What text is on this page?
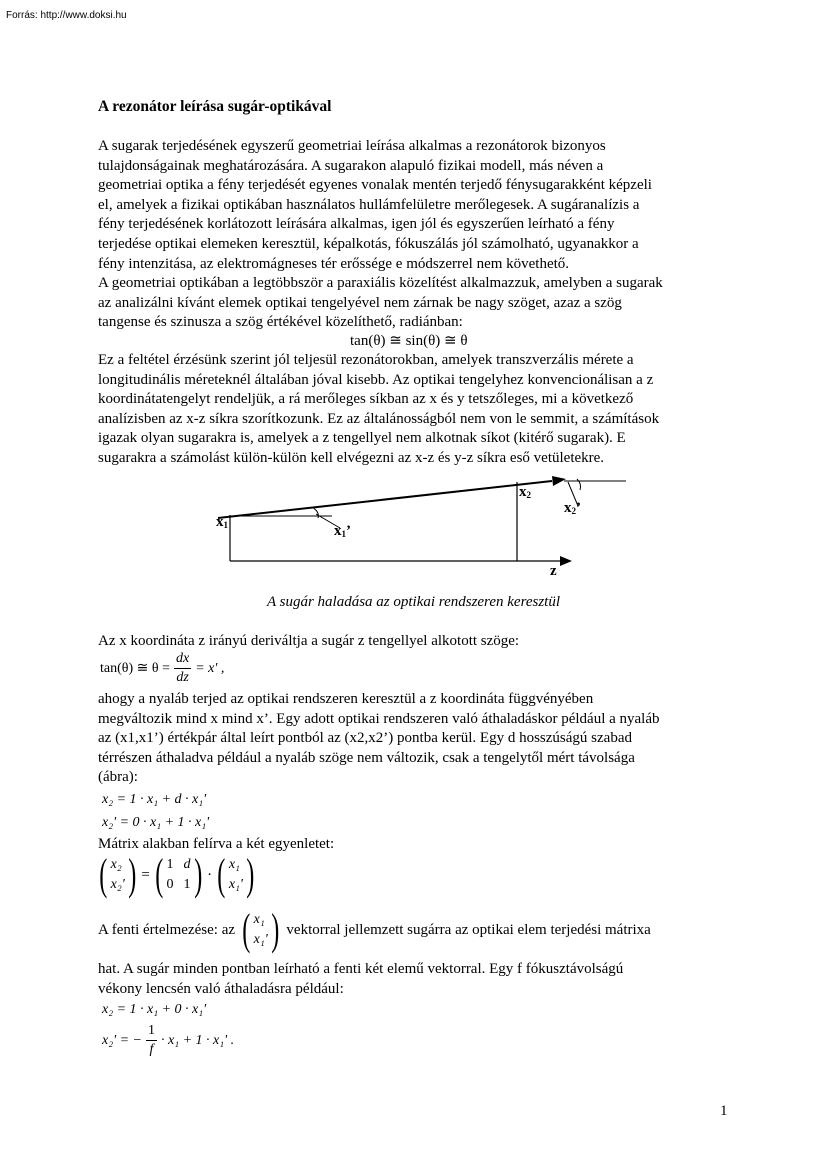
Forrás: http://www.doksi.hu
A rezonátor leírása sugár-optikával

A sugarak terjedésének egyszerű geometriai leírása alkalmas a rezonátorok bizonyos

tulajdonságainak meghatározására. A sugarakon alapuló fizikai modell, más néven a

geometriai optika a fény terjedését egyenes vonalak mentén terjedő fénysugarakként képzeli

el, amelyek a fizikai optikában használatos hullámfelületre merőlegesek. A sugáranalízis a

fény terjedésének korlátozott leírására alkalmas, igen jól és egyszerűen leírható a fény

terjedése optikai elemeken keresztül, képalkotás, fókuszálás jól számolható, ugyanakkor a

fény intenzitása, az elektromágneses tér erőssége e módszerrel nem követhető.

A geometriai optikában a legtöbbször a paraxiális közelítést alkalmazzuk, amelyben a sugarak

az analizálni kívánt elemek optikai tengelyével nem zárnak be nagy szöget, azaz a szög

tangense és szinusza a szög értékével közelíthető, radiánban:

tan(θ) ≅ sin(θ) ≅ θ

Ez a feltétel érzésünk szerint jól teljesül rezonátorokban, amelyek transzverzális mérete a

longitudinális méreteknél általában jóval kisebb. Az optikai tengelyhez konvencionálisan a z

koordinátatengelyt rendeljük, a rá merőleges síkban az x és y tetszőleges, mi a következő

analízisben az x-z síkra szorítkozunk. Ez az általánosságból nem von le semmit, a számítások

igazak olyan sugarakra is, amelyek a z tengellyel nem alkotnak síkot (kitérő sugarak). E

sugarakra a számolást külön-külön kell elvégezni az x-z és y-z síkra eső vetületekre.

$x_1$	$x_1$’
$x_2$
$x_2$’
z
A sugár haladása az optikai rendszeren keresztül

Az x koordináta z irányú deriváltja a sugár z tengellyel alkotott szöge:

tan(θ) ≅ $\theta = \frac{dx}{dz} = x'$ ,

ahogy a nyaláb terjed az optikai rendszeren keresztül a z koordináta függvényében

megváltozik mind x mind x’. Egy adott optikai rendszeren való áthaladáskor például a nyaláb

az (x1,x1’) értékpár által leírt pontból az (x2,x2’) pontba kerül. Egy d hosszúságú szabad

térrészen áthaladva például a nyaláb szöge nem változik, csak a tengelytől mért távolsága

(ábra):

x₂ = 1 · x₁ + d · x₁'
x₂' = 0 · x₁ + 1 · x₁'

Mátrix alakban felírva a két egyenletet:

( x₂
x₂' ) = ( 1 d
0 1 ) · ( x₁
x₁' )
A fenti értelmezése: az ( x₁
x₁' ) vektorral jellemzett sugárra az optikai elem terjedési mátrixa

hat. A sugár minden pontban leírható a fenti két elemű vektorral. Egy f fókusztávolságú

vékony lencsén való áthaladásra például:

x₂ = 1 · x₁ + 0 · x₁'
x₂' = − $\frac{1}{f} \cdot x_1 + 1 \cdot x_1'$ .
1
